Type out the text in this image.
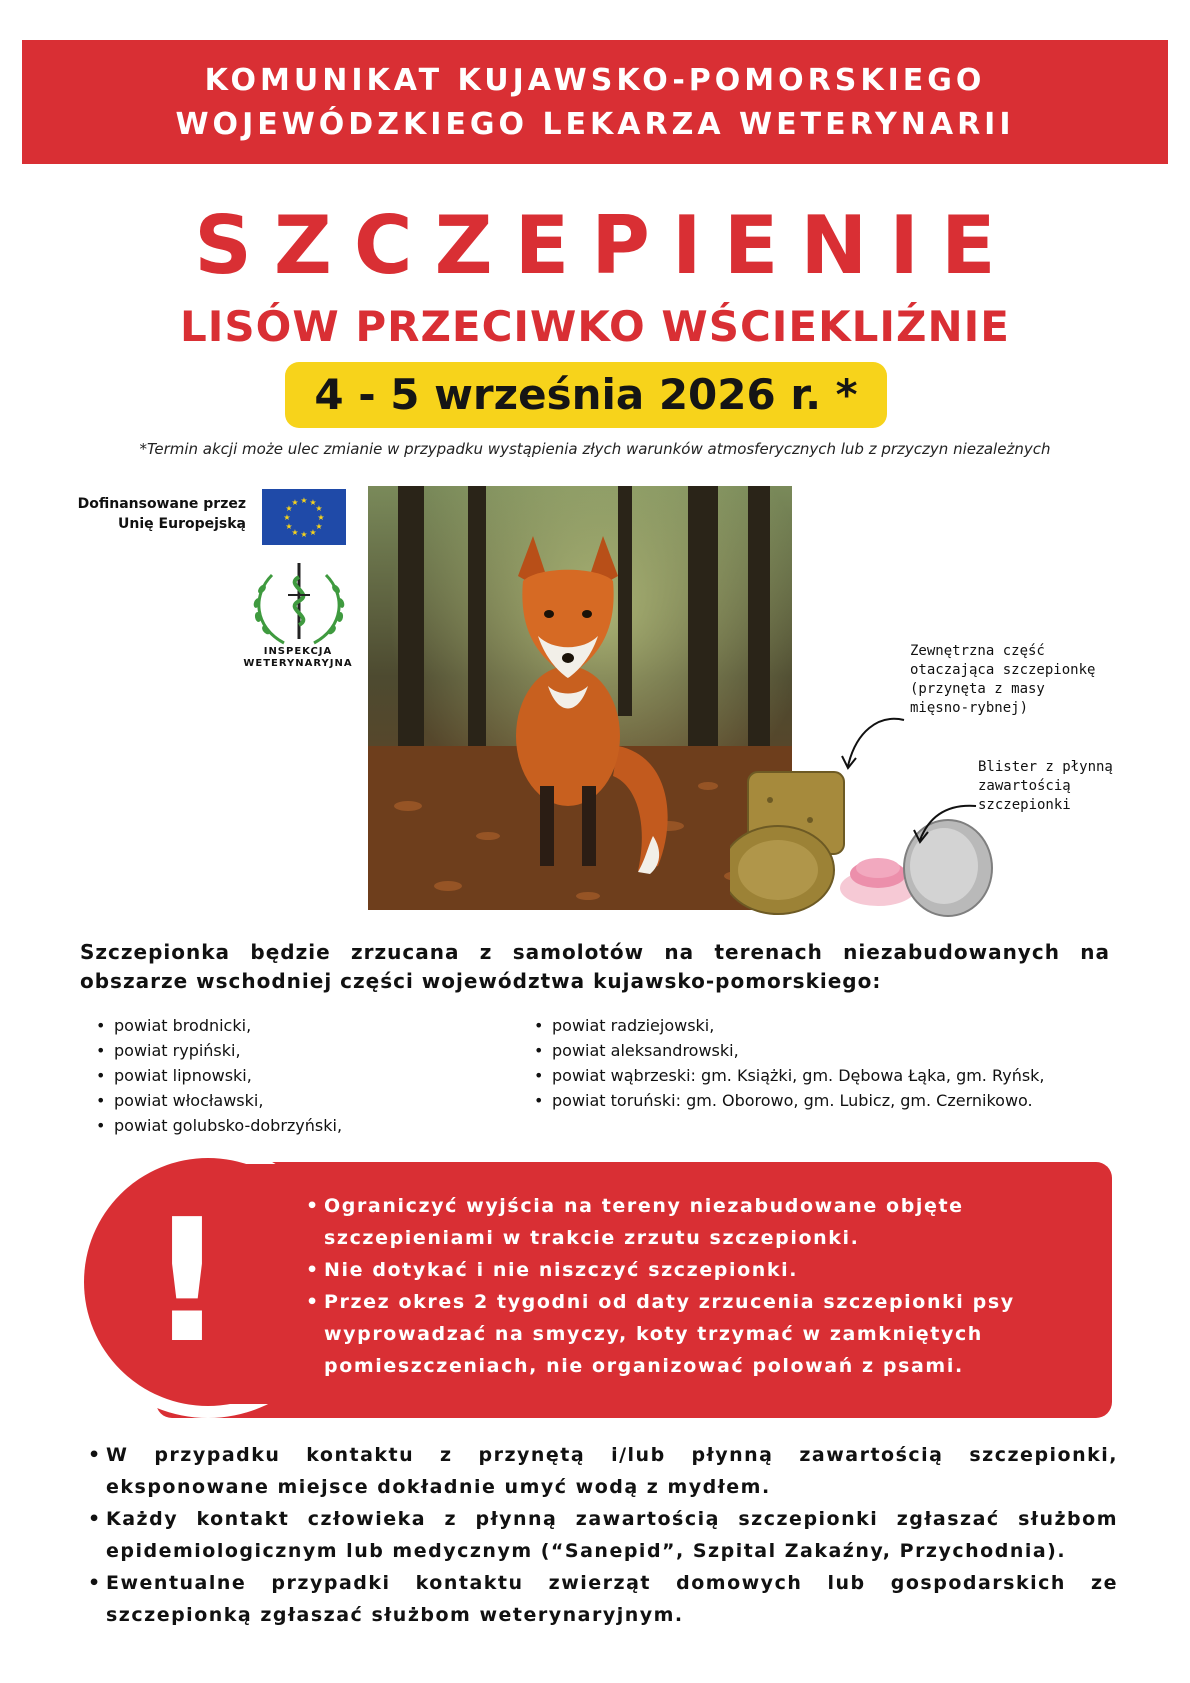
KOMUNIKAT KUJAWSKO-POMORSKIEGO
WOJEWÓDZKIEGO LEKARZA WETERYNARII
SZCZEPIENIE
LISÓW PRZECIWKO WŚCIEKLIŹNIE
4 - 5 września 2026 r. *
*Termin akcji może ulec zmianie w przypadku wystąpienia złych warunków atmosferycznych lub z przyczyn niezależnych
Dofinansowane przez
Unię Europejską
★ ★
★
★
★
★
★
★
★
★
★
★
INSPEKCJA
WETERYNARYJNA
Zewnętrzna część
otaczająca szczepionkę
(przynęta z masy
mięsno-rybnej)
Blister z płynną
zawartością
szczepionki
Szczepionka będzie zrzucana z samolotów na terenach niezabudowanych na obszarze wschodniej części województwa kujawsko-pomorskiego:
• powiat brodnicki,
• powiat rypiński,
• powiat lipnowski,
• powiat włocławski,
• powiat golubsko-dobrzyński,
• powiat radziejowski,
• powiat aleksandrowski,
• powiat wąbrzeski: gm. Książki, gm. Dębowa Łąka, gm. Ryńsk,
• powiat toruński: gm. Oborowo, gm. Lubicz, gm. Czernikowo.
!
•	Ograniczyć wyjścia na tereny niezabudowane objęte szczepieniami w trakcie zrzutu szczepionki.
• Nie dotykać i nie niszczyć szczepionki.
• Przez okres 2 tygodni od daty zrzucenia szczepionki psy wyprowadzać na smyczy, koty trzymać w zamkniętych pomieszczeniach, nie organizować polowań z psami.
• W przypadku kontaktu z przynętą i/lub płynną zawartością szczepionki, eksponowane miejsce dokładnie umyć wodą z mydłem.
• Każdy kontakt człowieka z płynną zawartością szczepionki zgłaszać służbom epidemiologicznym lub medycznym (“Sanepid”, Szpital Zakaźny, Przychodnia).
• Ewentualne przypadki kontaktu zwierząt domowych lub gospodarskich ze szczepionką zgłaszać służbom weterynaryjnym.
